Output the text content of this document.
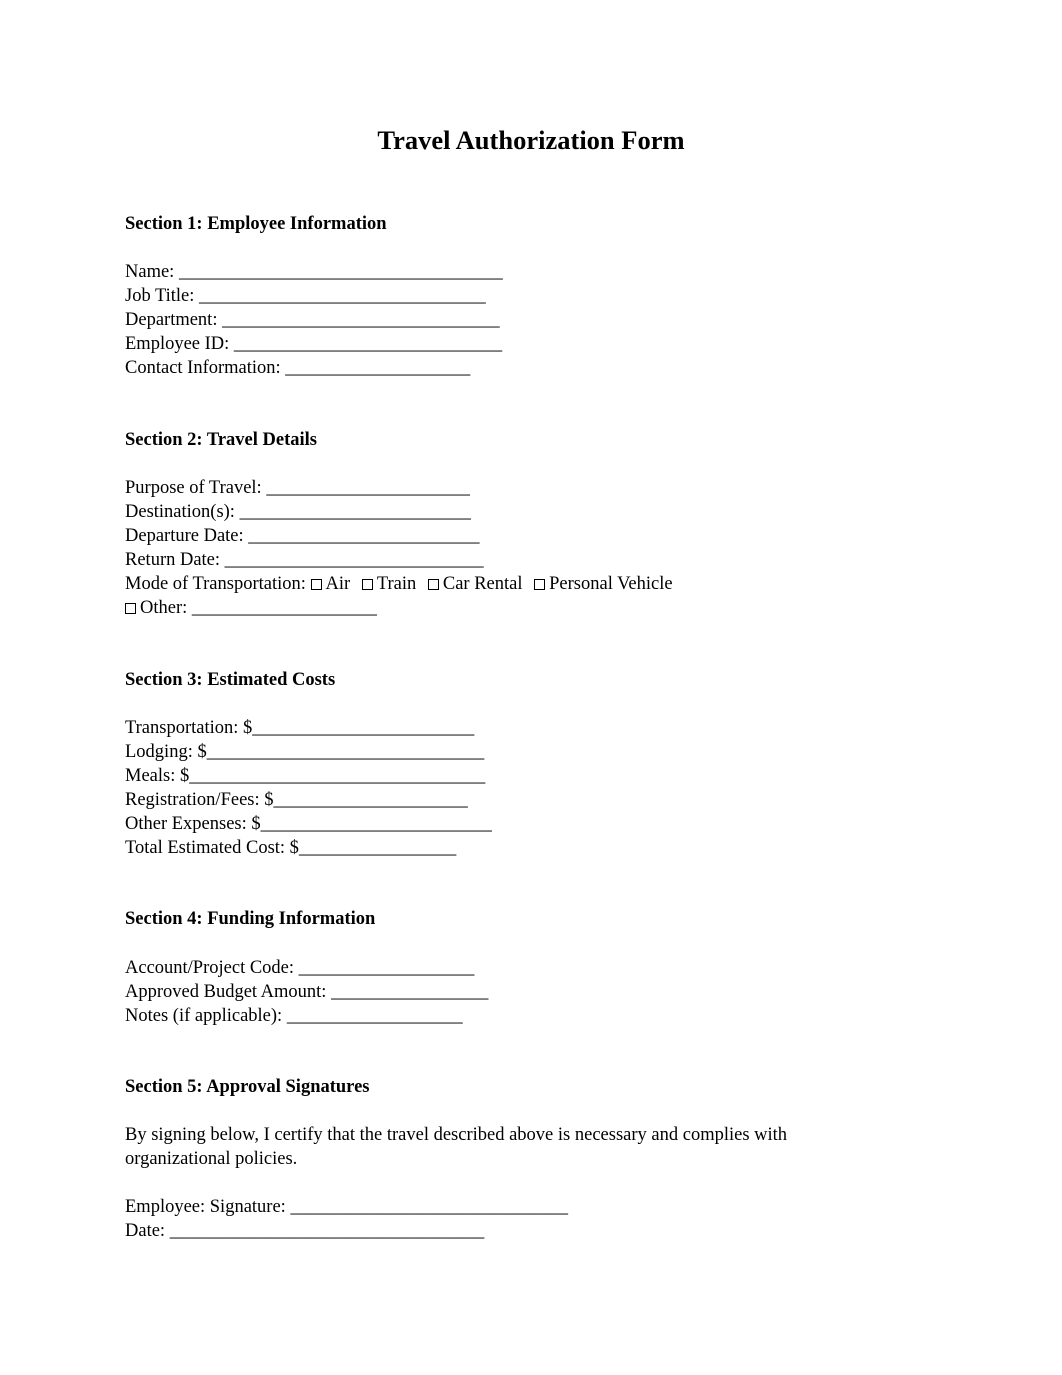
Travel Authorization Form
Section 1: Employee Information
Name: ___________________________________
Job Title: _______________________________
Department: ______________________________
Employee ID: _____________________________
Contact Information: ____________________
Section 2: Travel Details
Purpose of Travel: ______________________
Destination(s): _________________________
Departure Date: _________________________
Return Date: ____________________________
Mode of Transportation: Air Train Car Rental Personal Vehicle
Other: ____________________
Section 3: Estimated Costs
Transportation: $________________________
Lodging: $______________________________
Meals: $________________________________
Registration/Fees: $_____________________
Other Expenses: $_________________________
Total Estimated Cost: $_________________
Section 4: Funding Information
Account/Project Code: ___________________
Approved Budget Amount: _________________
Notes (if applicable): ___________________
Section 5: Approval Signatures
By signing below, I certify that the travel described above is necessary and complies with organizational policies.
Employee: Signature: ______________________________
Date: __________________________________
